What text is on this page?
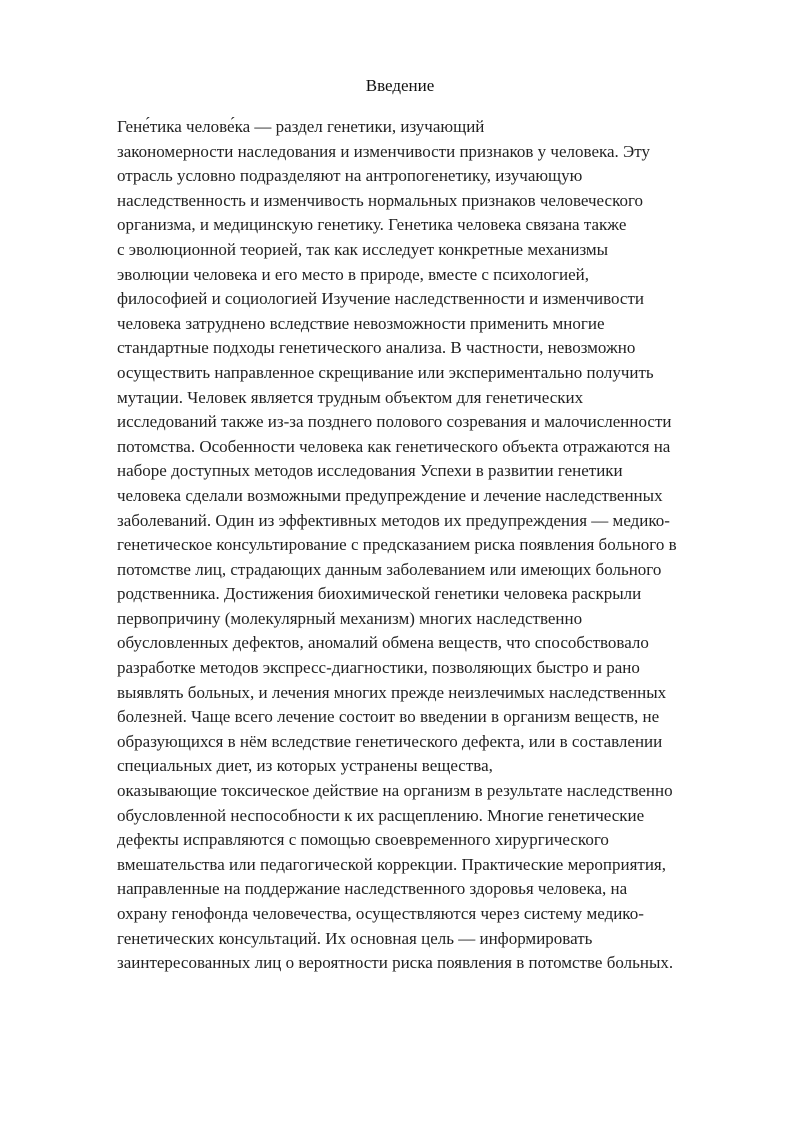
Введение
Гене́тика челове́ка — раздел генетики, изучающий
закономерности наследования и изменчивости признаков у человека. Эту
отрасль условно подразделяют на антропогенетику, изучающую
наследственность и изменчивость нормальных признаков человеческого
организма, и медицинскую генетику. Генетика человека связана также
с эволюционной теорией, так как исследует конкретные механизмы
эволюции человека и его место в природе, вместе с психологией,
философией и социологией Изучение наследственности и изменчивости
человека затруднено вследствие невозможности применить многие
стандартные подходы генетического анализа. В частности, невозможно
осуществить направленное скрещивание или экспериментально получить
мутации. Человек является трудным объектом для генетических
исследований также из-за позднего полового созревания и малочисленности
потомства. Особенности человека как генетического объекта отражаются на
наборе доступных методов исследования Успехи в развитии генетики
человека сделали возможными предупреждение и лечение наследственных
заболеваний. Один из эффективных методов их предупреждения — медико-
генетическое консультирование с предсказанием риска появления больного в
потомстве лиц, страдающих данным заболеванием или имеющих больного
родственника. Достижения биохимической генетики человека раскрыли
первопричину (молекулярный механизм) многих наследственно
обусловленных дефектов, аномалий обмена веществ, что способствовало
разработке методов экспресс-диагностики, позволяющих быстро и рано
выявлять больных, и лечения многих прежде неизлечимых наследственных
болезней. Чаще всего лечение состоит во введении в организм веществ, не
образующихся в нём вследствие генетического дефекта, или в составлении
специальных диет, из которых устранены вещества,
оказывающие токсическое действие на организм в результате наследственно
обусловленной неспособности к их расщеплению. Многие генетические
дефекты исправляются с помощью своевременного хирургического
вмешательства или педагогической коррекции. Практические мероприятия,
направленные на поддержание наследственного здоровья человека, на
охрану генофонда человечества, осуществляются через систему медико-
генетических консультаций. Их основная цель — информировать
заинтересованных лиц о вероятности риска появления в потомстве больных.
